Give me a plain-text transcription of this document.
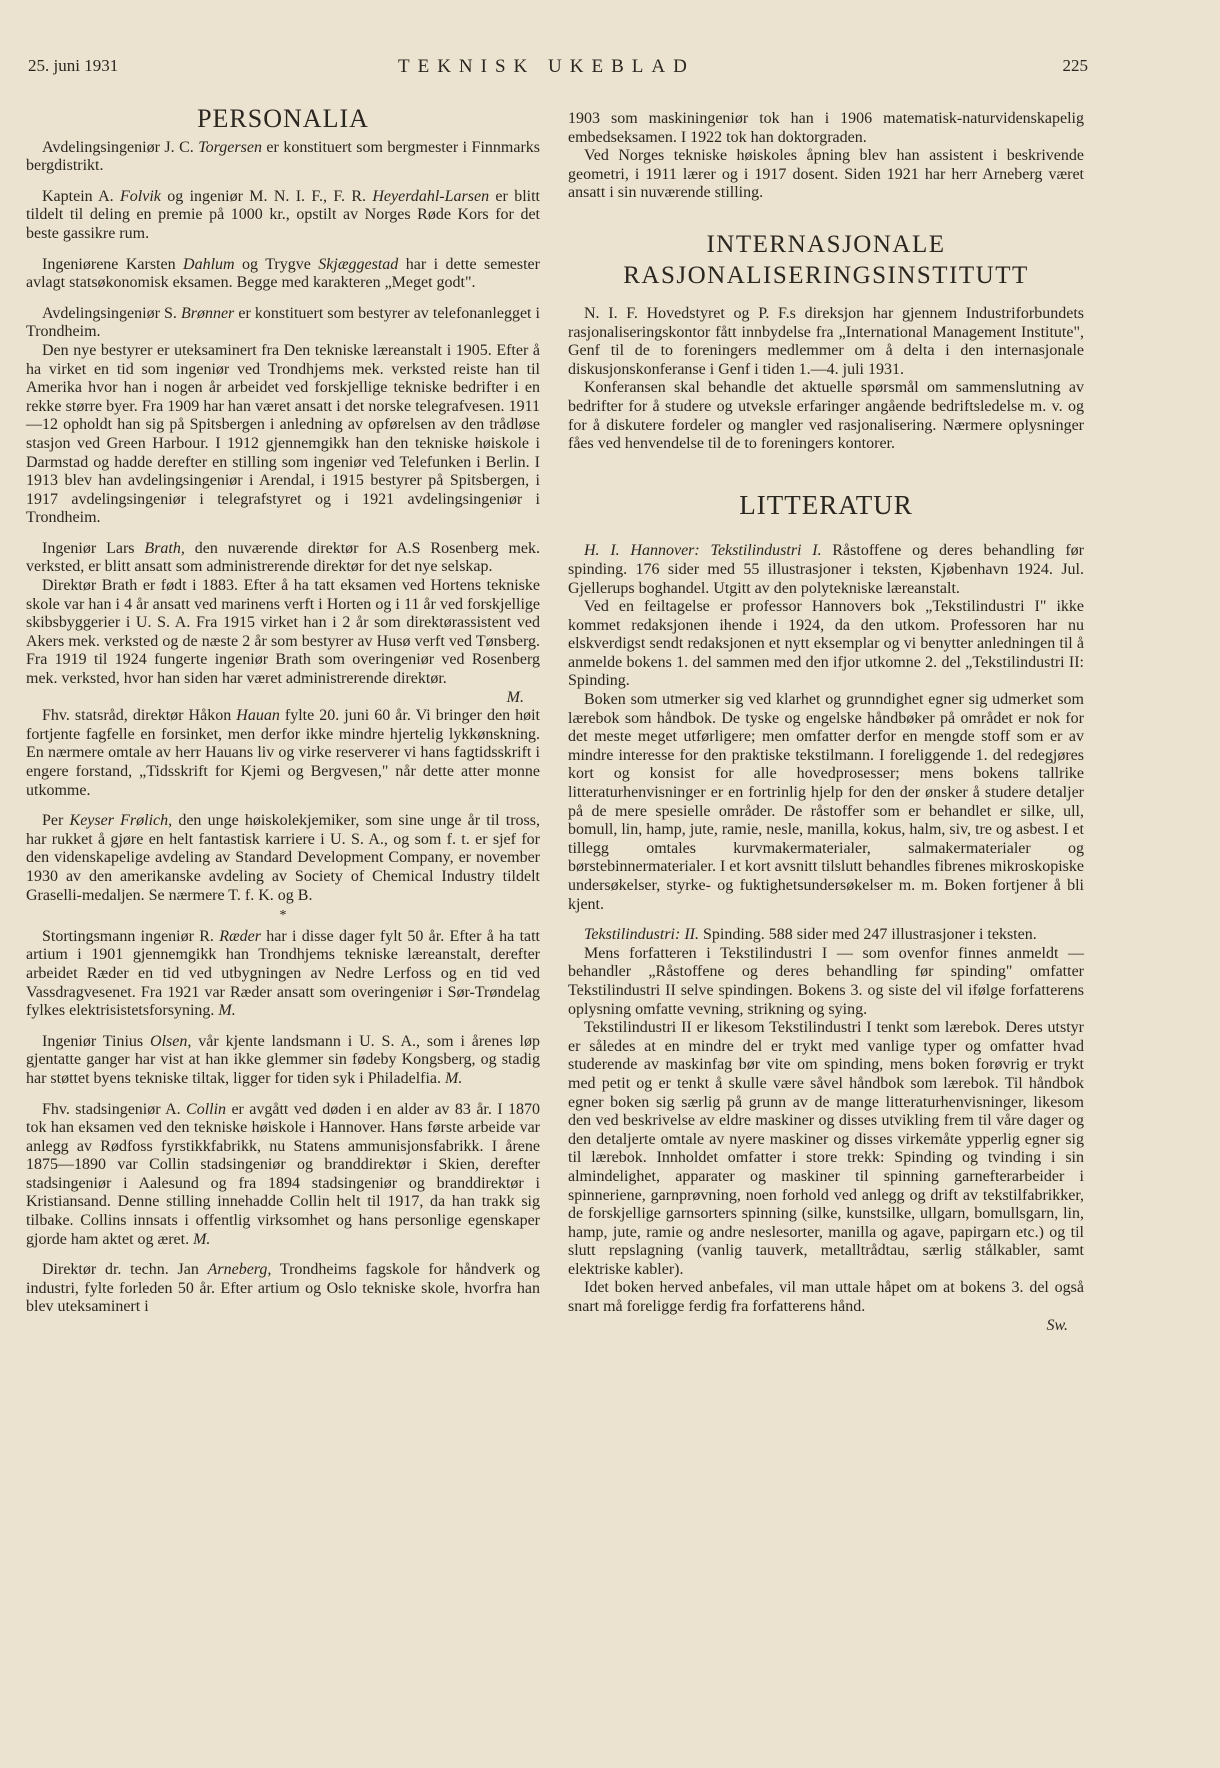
25. juni 1931	TEKNISK UKEBLAD	225
PERSONALIA

Avdelingsingeniør J. C. Torgersen er konstituert som bergmester i Finnmarks bergdistrikt.

Kaptein A. Folvik og ingeniør M. N. I. F., F. R. Heyerdahl-Larsen er blitt tildelt til deling en premie på 1000 kr., opstilt av Norges Røde Kors for det beste gassikre rum.

Ingeniørene Karsten Dahlum og Trygve Skjæggestad har i dette semester avlagt statsøkonomisk eksamen. Begge med karakteren „Meget godt".

Avdelingsingeniør S. Brønner er konstituert som bestyrer av telefonanlegget i Trondheim.

Den nye bestyrer er uteksaminert fra Den tekniske læreanstalt i 1905. Efter å ha virket en tid som ingeniør ved Trondhjems mek. verksted reiste han til Amerika hvor han i nogen år arbeidet ved forskjellige tekniske bedrifter i en rekke større byer. Fra 1909 har han været ansatt i det norske telegrafvesen. 1911—12 opholdt han sig på Spitsbergen i anledning av opførelsen av den trådløse stasjon ved Green Harbour. I 1912 gjennemgikk han den tekniske høiskole i Darmstad og hadde derefter en stilling som ingeniør ved Telefunken i Berlin. I 1913 blev han avdelingsingeniør i Arendal, i 1915 bestyrer på Spitsbergen, i 1917 avdelingsingeniør i telegrafstyret og i 1921 avdelingsingeniør i Trondheim.

Ingeniør Lars Brath, den nuværende direktør for A.S Rosenberg mek. verksted, er blitt ansatt som administrerende direktør for det nye selskap.

Direktør Brath er født i 1883. Efter å ha tatt eksamen ved Hortens tekniske skole var han i 4 år ansatt ved marinens verft i Horten og i 11 år ved forskjellige skibsbyggerier i U. S. A. Fra 1915 virket han i 2 år som direktørassistent ved Akers mek. verksted og de næste 2 år som bestyrer av Husø verft ved Tønsberg. Fra 1919 til 1924 fungerte ingeniør Brath som overingeniør ved Rosenberg mek. verksted, hvor han siden har været administrerende direktør.

M.

Fhv. statsråd, direktør Håkon Hauan fylte 20. juni 60 år. Vi bringer den høit fortjente fagfelle en forsinket, men derfor ikke mindre hjertelig lykkønskning. En nærmere omtale av herr Hauans liv og virke reserverer vi hans fagtidsskrift i engere forstand, „Tidsskrift for Kjemi og Bergvesen," når dette atter monne utkomme.

Per Keyser Frølich, den unge høiskolekjemiker, som sine unge år til tross, har rukket å gjøre en helt fantastisk karriere i U. S. A., og som f. t. er sjef for den videnskapelige avdeling av Standard Development Company, er november 1930 av den amerikanske avdeling av Society of Chemical Industry tildelt Graselli-medaljen. Se nærmere T. f. K. og B.

*

Stortingsmann ingeniør R. Ræder har i disse dager fylt 50 år. Efter å ha tatt artium i 1901 gjennemgikk han Trondhjems tekniske læreanstalt, derefter arbeidet Ræder en tid ved utbygningen av Nedre Lerfoss og en tid ved Vassdragvesenet. Fra 1921 var Ræder ansatt som overingeniør i Sør-Trøndelag fylkes elektrisistetsforsyning. M.

Ingeniør Tinius Olsen, vår kjente landsmann i U. S. A., som i årenes løp gjentatte ganger har vist at han ikke glemmer sin fødeby Kongsberg, og stadig har støttet byens tekniske tiltak, ligger for tiden syk i Philadelfia. M.

Fhv. stadsingeniør A. Collin er avgått ved døden i en alder av 83 år. I 1870 tok han eksamen ved den tekniske høiskole i Hannover. Hans første arbeide var anlegg av Rødfoss fyrstikkfabrikk, nu Statens ammunisjonsfabrikk. I årene 1875—1890 var Collin stadsingeniør og branddirektør i Skien, derefter stadsingeniør i Aalesund og fra 1894 stadsingeniør og branddirektør i Kristiansand. Denne stilling innehadde Collin helt til 1917, da han trakk sig tilbake. Collins innsats i offentlig virksomhet og hans personlige egenskaper gjorde ham aktet og æret. M.

Direktør dr. techn. Jan Arneberg, Trondheims fagskole for håndverk og industri, fylte forleden 50 år. Efter artium og Oslo tekniske skole, hvorfra han blev uteksaminert i

1903 som maskiningeniør tok han i 1906 matematisk-naturvidenskapelig embedseksamen. I 1922 tok han doktorgraden.

Ved Norges tekniske høiskoles åpning blev han assistent i beskrivende geometri, i 1911 lærer og i 1917 dosent. Siden 1921 har herr Arneberg været ansatt i sin nuværende stilling.

INTERNASJONALE
RASJONALISERINGSINSTITUTT

N. I. F. Hovedstyret og P. F.s direksjon har gjennem Industriforbundets rasjonaliseringskontor fått innbydelse fra „International Management Institute", Genf til de to foreningers medlemmer om å delta i den internasjonale diskusjonskonferanse i Genf i tiden 1.—4. juli 1931.

Konferansen skal behandle det aktuelle spørsmål om sammenslutning av bedrifter for å studere og utveksle erfaringer angående bedriftsledelse m. v. og for å diskutere fordeler og mangler ved rasjonalisering. Nærmere oplysninger fåes ved henvendelse til de to foreningers kontorer.

LITTERATUR

H. I. Hannover: Tekstilindustri I. Råstoffene og deres behandling før spinding. 176 sider med 55 illustrasjoner i teksten, Kjøbenhavn 1924. Jul. Gjellerups boghandel. Utgitt av den polytekniske læreanstalt.

Ved en feiltagelse er professor Hannovers bok „Tekstilindustri I" ikke kommet redaksjonen ihende i 1924, da den utkom. Professoren har nu elskverdigst sendt redaksjonen et nytt eksemplar og vi benytter anledningen til å anmelde bokens 1. del sammen med den ifjor utkomne 2. del „Tekstilindustri II: Spinding.

Boken som utmerker sig ved klarhet og grunndighet egner sig udmerket som lærebok som håndbok. De tyske og engelske håndbøker på området er nok for det meste meget utførligere; men omfatter derfor en mengde stoff som er av mindre interesse for den praktiske tekstilmann. I foreliggende 1. del redegjøres kort og konsist for alle hovedprosesser; mens bokens tallrike litteraturhenvisninger er en fortrinlig hjelp for den der ønsker å studere detaljer på de mere spesielle områder. De råstoffer som er behandlet er silke, ull, bomull, lin, hamp, jute, ramie, nesle, manilla, kokus, halm, siv, tre og asbest. I et tillegg omtales kurvmakermaterialer, salmakermaterialer og børstebinnermaterialer. I et kort avsnitt tilslutt behandles fibrenes mikroskopiske undersøkelser, styrke- og fuktighetsundersøkelser m. m. Boken fortjener å bli kjent.

Tekstilindustri: II. Spinding. 588 sider med 247 illustrasjoner i teksten.

Mens forfatteren i Tekstilindustri I — som ovenfor finnes anmeldt — behandler „Råstoffene og deres behandling før spinding" omfatter Tekstilindustri II selve spindingen. Bokens 3. og siste del vil ifølge forfatterens oplysning omfatte vevning, strikning og sying.

Tekstilindustri II er likesom Tekstilindustri I tenkt som lærebok. Deres utstyr er således at en mindre del er trykt med vanlige typer og omfatter hvad studerende av maskinfag bør vite om spinding, mens boken forøvrig er trykt med petit og er tenkt å skulle være såvel håndbok som lærebok. Til håndbok egner boken sig særlig på grunn av de mange litteraturhenvisninger, likesom den ved beskrivelse av eldre maskiner og disses utvikling frem til våre dager og den detaljerte omtale av nyere maskiner og disses virkemåte ypperlig egner sig til lærebok. Innholdet omfatter i store trekk: Spinding og tvinding i sin almindelighet, apparater og maskiner til spinning garnefterarbeider i spinneriene, garnprøvning, noen forhold ved anlegg og drift av tekstilfabrikker, de forskjellige garnsorters spinning (silke, kunstsilke, ullgarn, bomullsgarn, lin, hamp, jute, ramie og andre neslesorter, manilla og agave, papirgarn etc.) og til slutt repslagning (vanlig tauverk, metalltrådtau, særlig stålkabler, samt elektriske kabler).

Idet boken herved anbefales, vil man uttale håpet om at bokens 3. del også snart må foreligge ferdig fra forfatterens hånd.

Sw.
